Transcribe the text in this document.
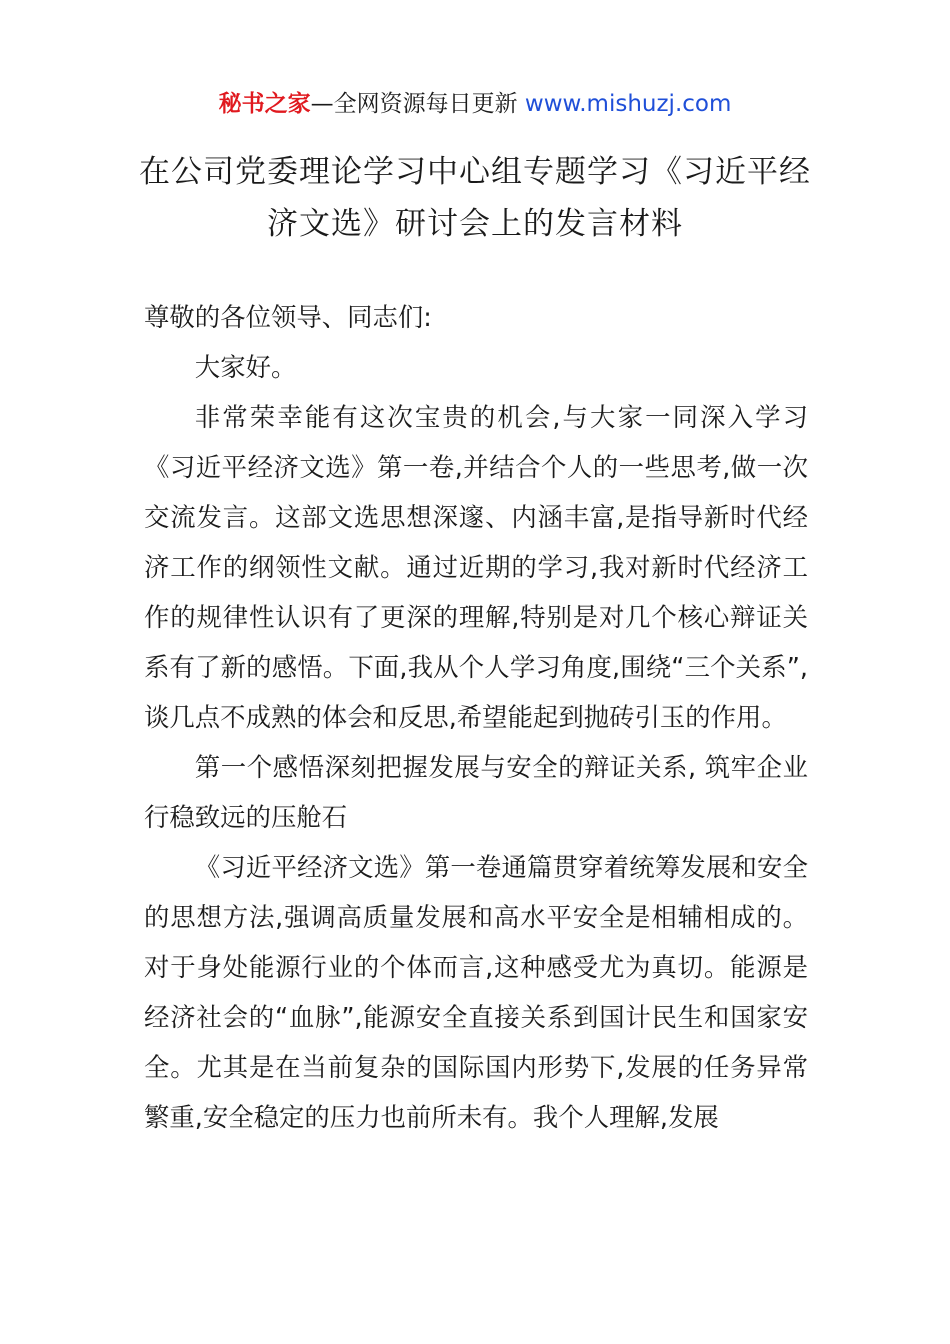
秘书之家—全网资源每日更新 www.mishuzj.com
在公司党委理论学习中心组专题学习《习近平经济文选》研讨会上的发言材料

尊敬的各位领导、同志们:

大家好。

非常荣幸能有这次宝贵的机会,与大家一同深入学习《习近平经济文选》第一卷,并结合个人的一些思考,做一次交流发言。这部文选思想深邃、内涵丰富,是指导新时代经济工作的纲领性文献。通过近期的学习,我对新时代经济工作的规律性认识有了更深的理解,特别是对几个核心辩证关系有了新的感悟。下面,我从个人学习角度,围绕“三个关系”,谈几点不成熟的体会和反思,希望能起到抛砖引玉的作用。

第一个感悟深刻把握发展与安全的辩证关系, 筑牢企业行稳致远的压舱石

《习近平经济文选》第一卷通篇贯穿着统筹发展和安全的思想方法,强调高质量发展和高水平安全是相辅相成的。对于身处能源行业的个体而言,这种感受尤为真切。能源是经济社会的“血脉”,能源安全直接关系到国计民生和国家安全。尤其是在当前复杂的国际国内形势下,发展的任务异常繁重,安全稳定的压力也前所未有。我个人理解,发展
